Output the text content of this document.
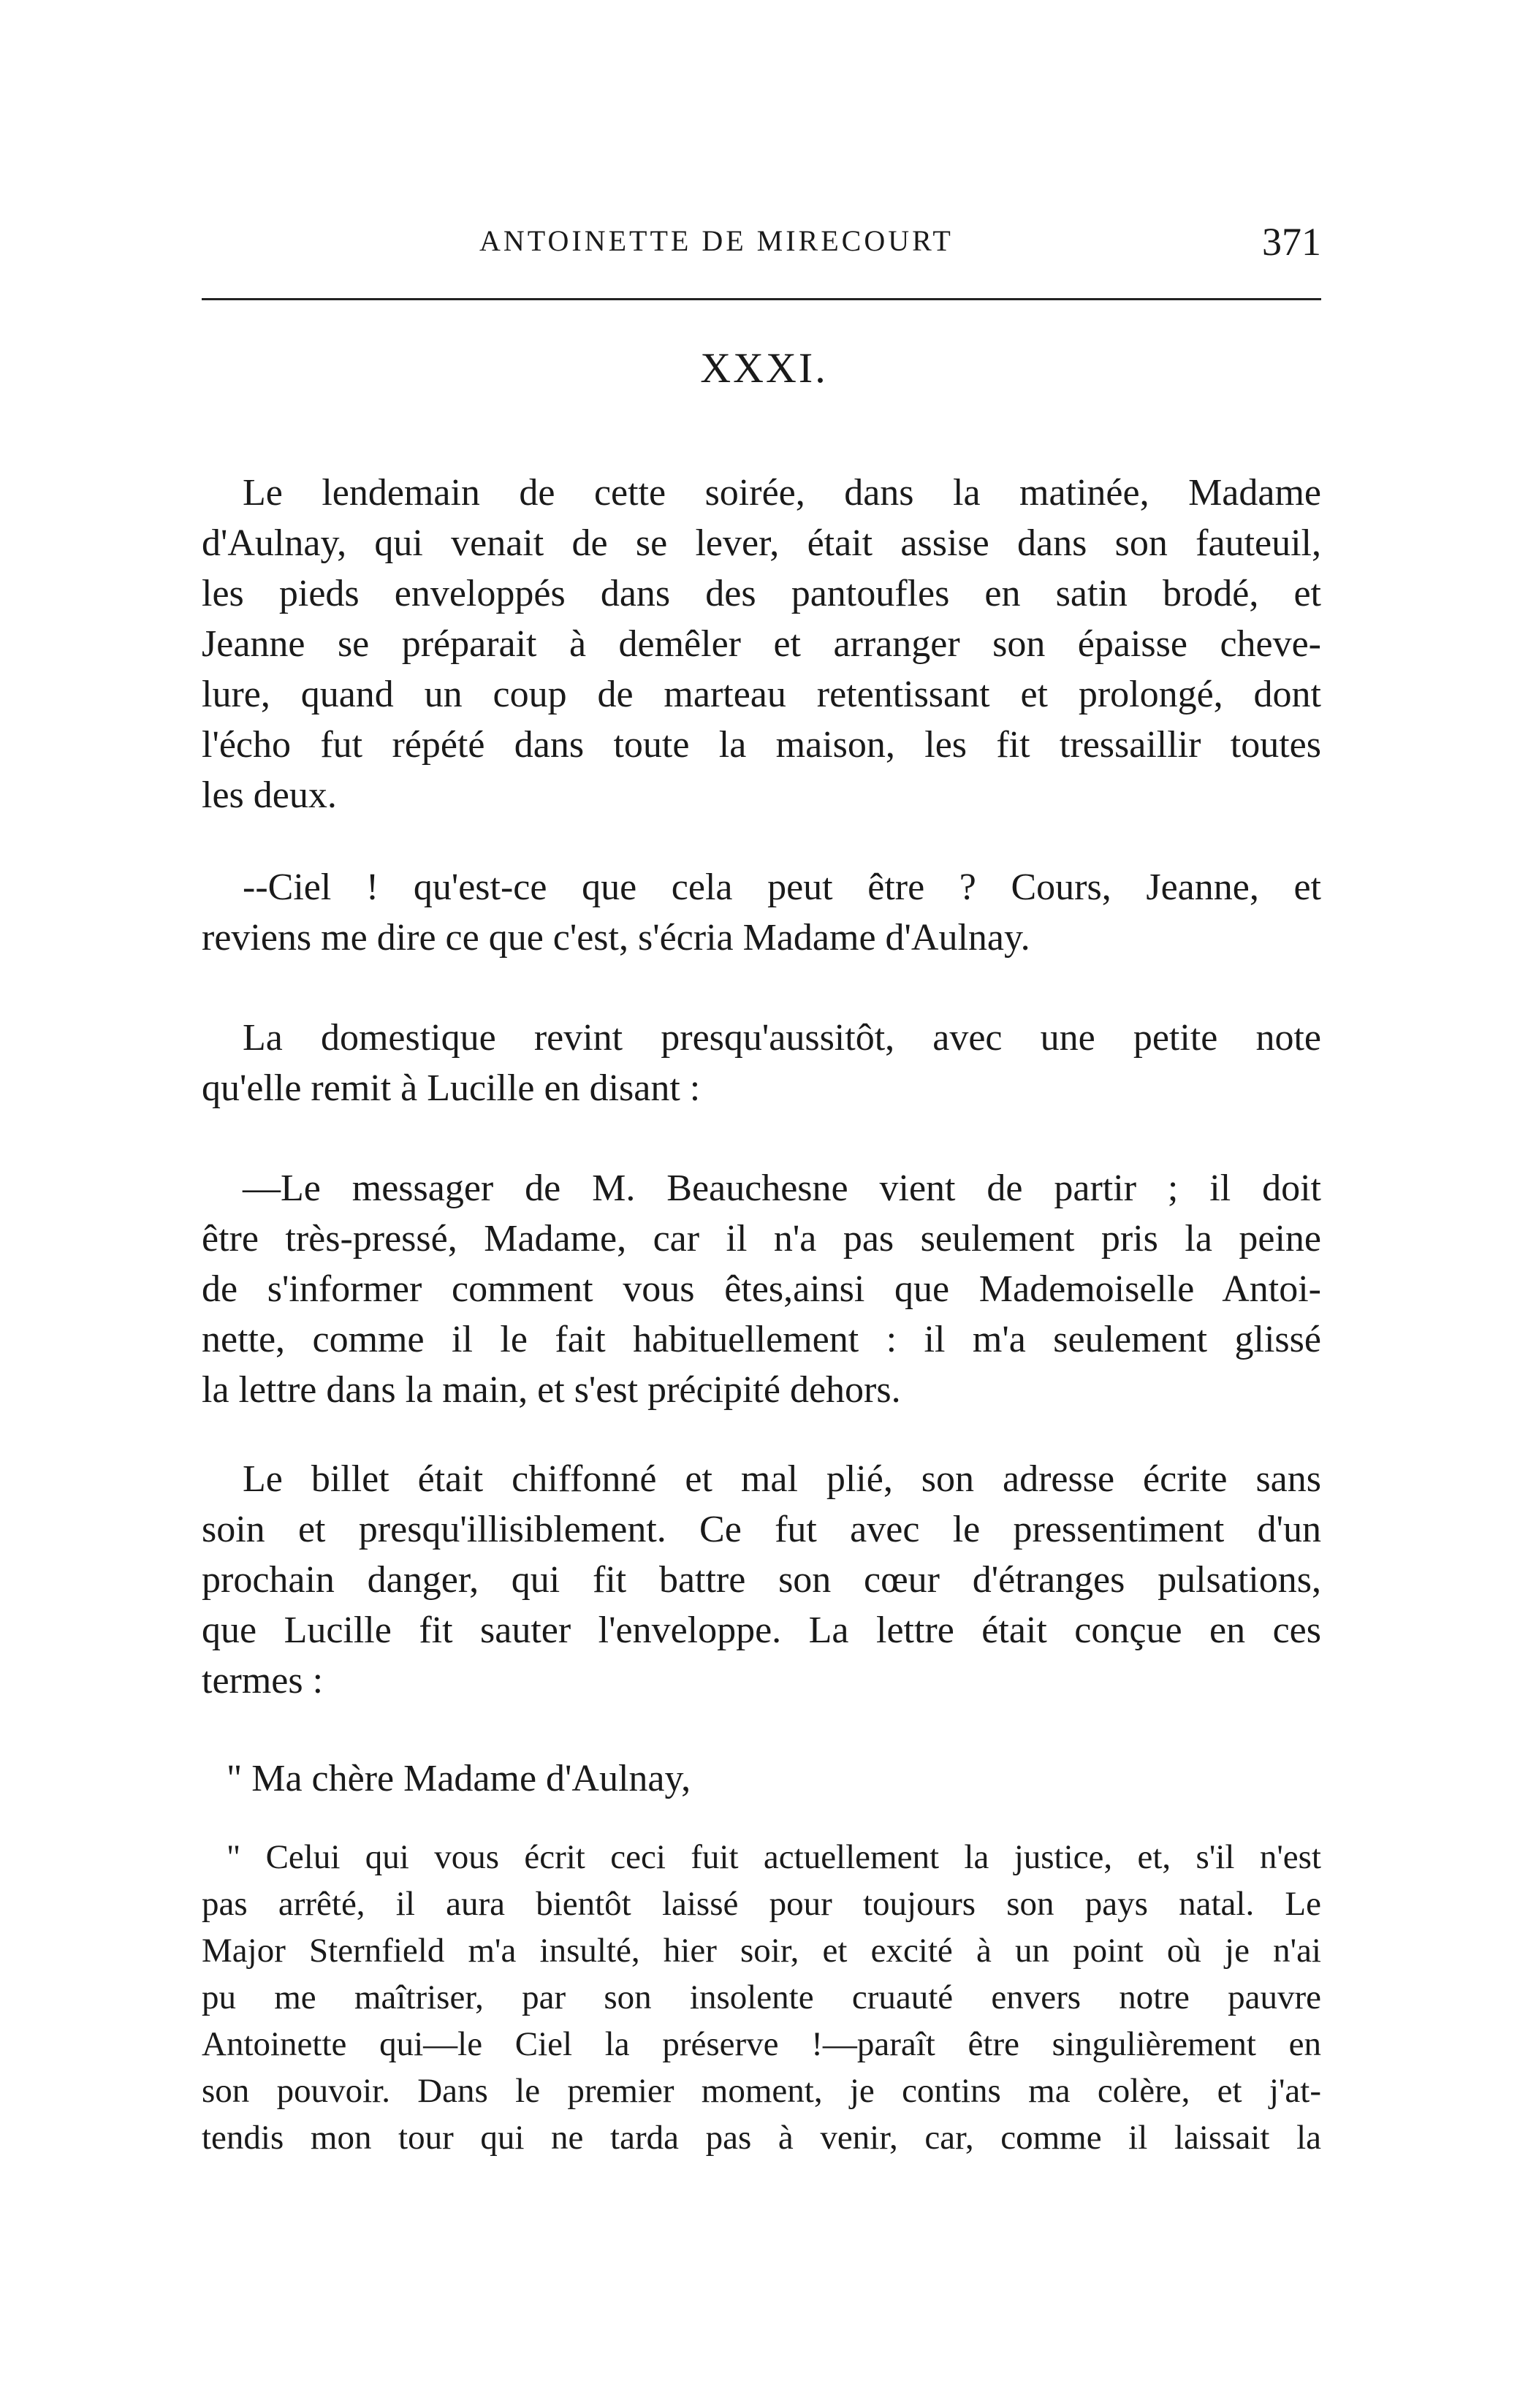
ANTOINETTE DE MIRECOURT	371
XXXI.

Le lendemain de cette soirée, dans la matinée, Madame
d'Aulnay, qui venait de se lever, était assise dans son fauteuil,
les pieds enveloppés dans des pantoufles en satin brodé, et
Jeanne se préparait à demêler et arranger son épaisse cheve-
lure, quand un coup de marteau retentissant et prolongé, dont
l'écho fut répété dans toute la maison, les fit tressaillir toutes
les deux.

--Ciel ! qu'est-ce que cela peut être ? Cours, Jeanne, et
reviens me dire ce que c'est, s'écria Madame d'Aulnay.

La domestique revint presqu'aussitôt, avec une petite note
qu'elle remit à Lucille en disant :

—Le messager de M. Beauchesne vient de partir ; il doit
être très-pressé, Madame, car il n'a pas seulement pris la peine
de s'informer comment vous êtes,ainsi que Mademoiselle Antoi-
nette, comme il le fait habituellement : il m'a seulement glissé
la lettre dans la main, et s'est précipité dehors.

Le billet était chiffonné et mal plié, son adresse écrite sans
soin et presqu'illisiblement. Ce fut avec le pressentiment d'un
prochain danger, qui fit battre son cœur d'étranges pulsations,
que Lucille fit sauter l'enveloppe. La lettre était conçue en ces
termes :

" Ma chère Madame d'Aulnay,

" Celui qui vous écrit ceci fuit actuellement la justice, et, s'il n'est
pas arrêté, il aura bientôt laissé pour toujours son pays natal. Le
Major Sternfield m'a insulté, hier soir, et excité à un point où je n'ai
pu me maîtriser, par son insolente cruauté envers notre pauvre
Antoinette qui—le Ciel la préserve !—paraît être singulièrement en
son pouvoir. Dans le premier moment, je contins ma colère, et j'at-
tendis mon tour qui ne tarda pas à venir, car, comme il laissait la
